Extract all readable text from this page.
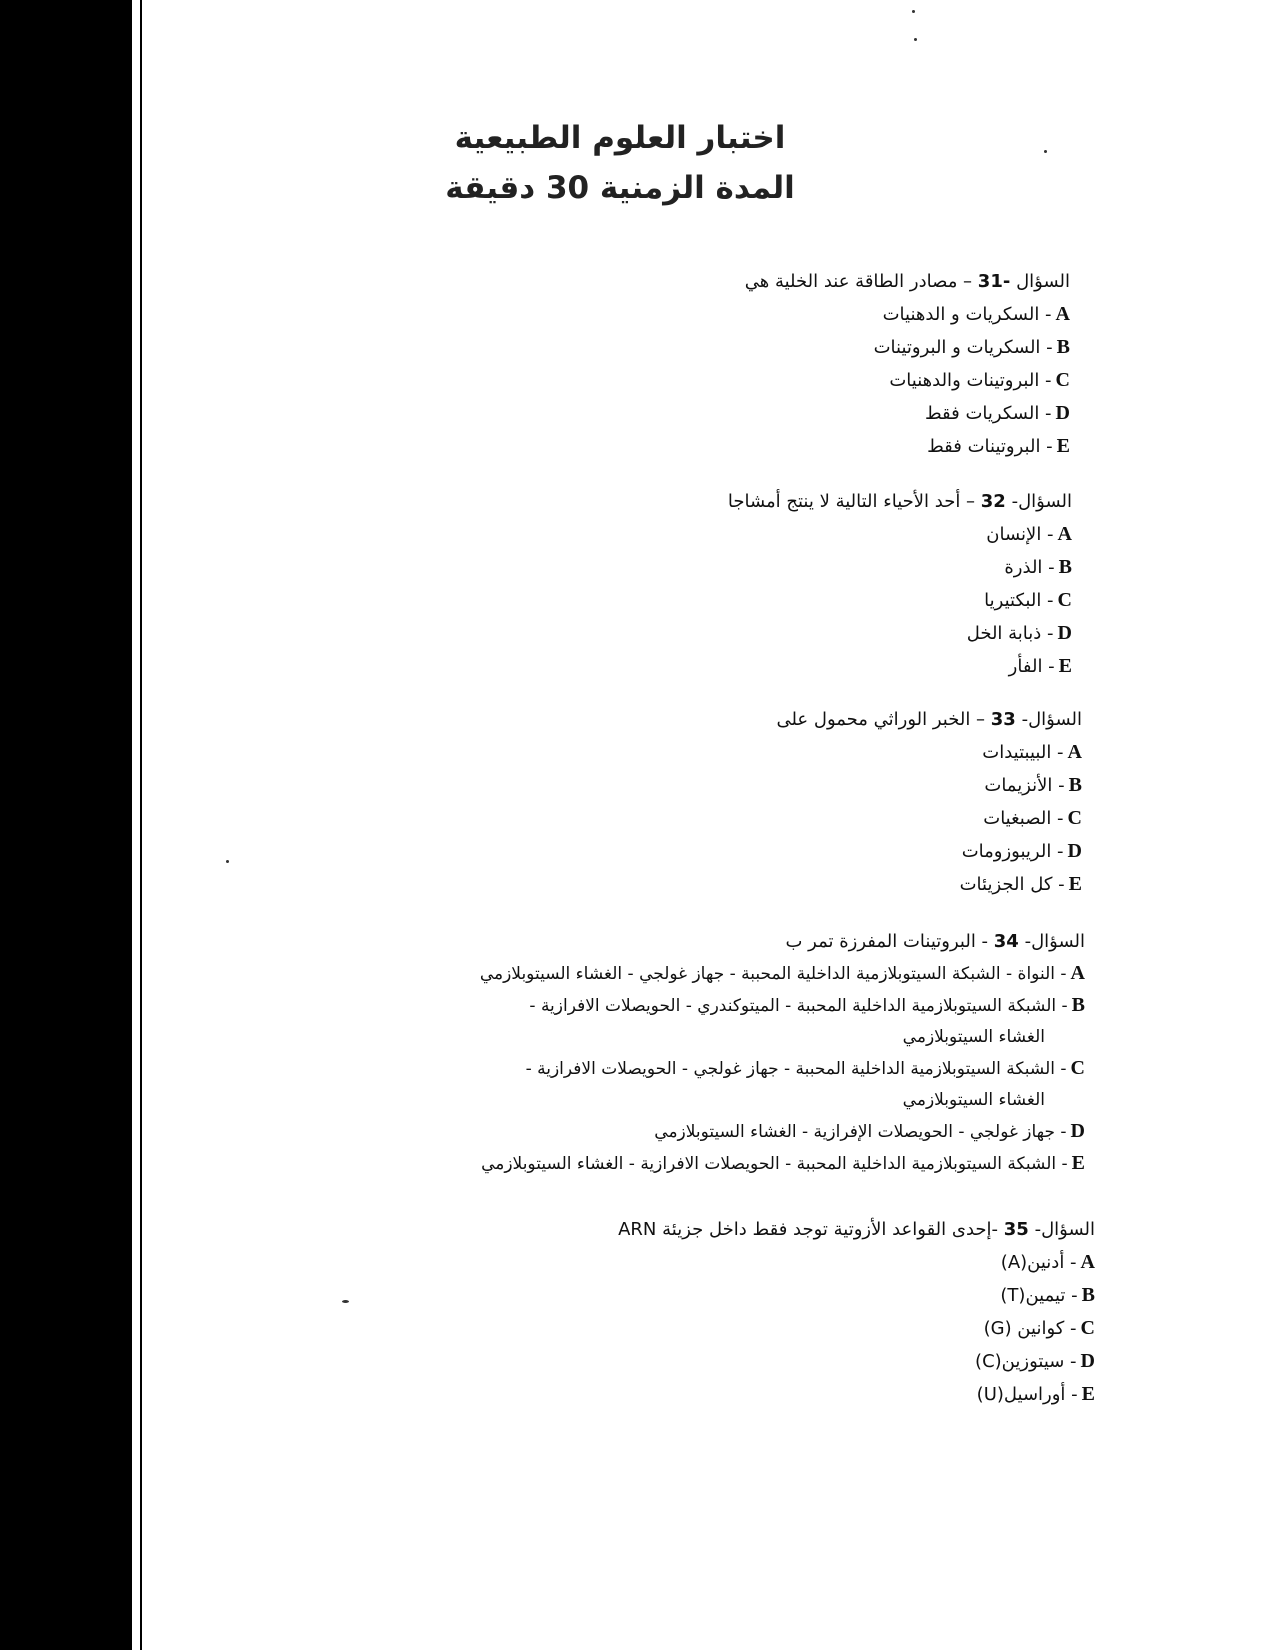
اختبار العلوم الطبيعية
المدة الزمنية 30 دقيقة
السؤال -31 – مصادر الطاقة عند الخلية هي
A- السكريات و الدهنيات
B- السكريات و البروتينات
C- البروتينات والدهنيات
D- السكريات فقط
E- البروتينات فقط
السؤال- 32 – أحد الأحياء التالية لا ينتج أمشاجا
A- الإنسان
B- الذرة
C- البكتيريا
D- ذبابة الخل
E- الفأر
السؤال- 33 – الخبر الوراثي محمول على
A- البيبتيدات
B- الأنزيمات
C- الصبغيات
D- الريبوزومات
E- كل الجزيئات
السؤال- 34 - البروتينات المفرزة تمر ب
A- النواة - الشبكة السيتوبلازمية الداخلية المحببة - جهاز غولجي - الغشاء السيتوبلازمي
B- الشبكة السيتوبلازمية الداخلية المحببة - الميتوكندري - الحويصلات الافرازية -
الغشاء السيتوبلازمي
C- الشبكة السيتوبلازمية الداخلية المحببة - جهاز غولجي - الحويصلات الافرازية -
الغشاء السيتوبلازمي
D- جهاز غولجي - الحويصلات الإفرازية - الغشاء السيتوبلازمي
E- الشبكة السيتوبلازمية الداخلية المحببة - الحويصلات الافرازية - الغشاء السيتوبلازمي
السؤال- 35 -إحدى القواعد الأزوتية توجد فقط داخل جزيئة ARN
A- أدنين(A)
B- تيمين(T)
C- كوانين (G)
D- سيتوزين(C)
E- أوراسيل(U)
